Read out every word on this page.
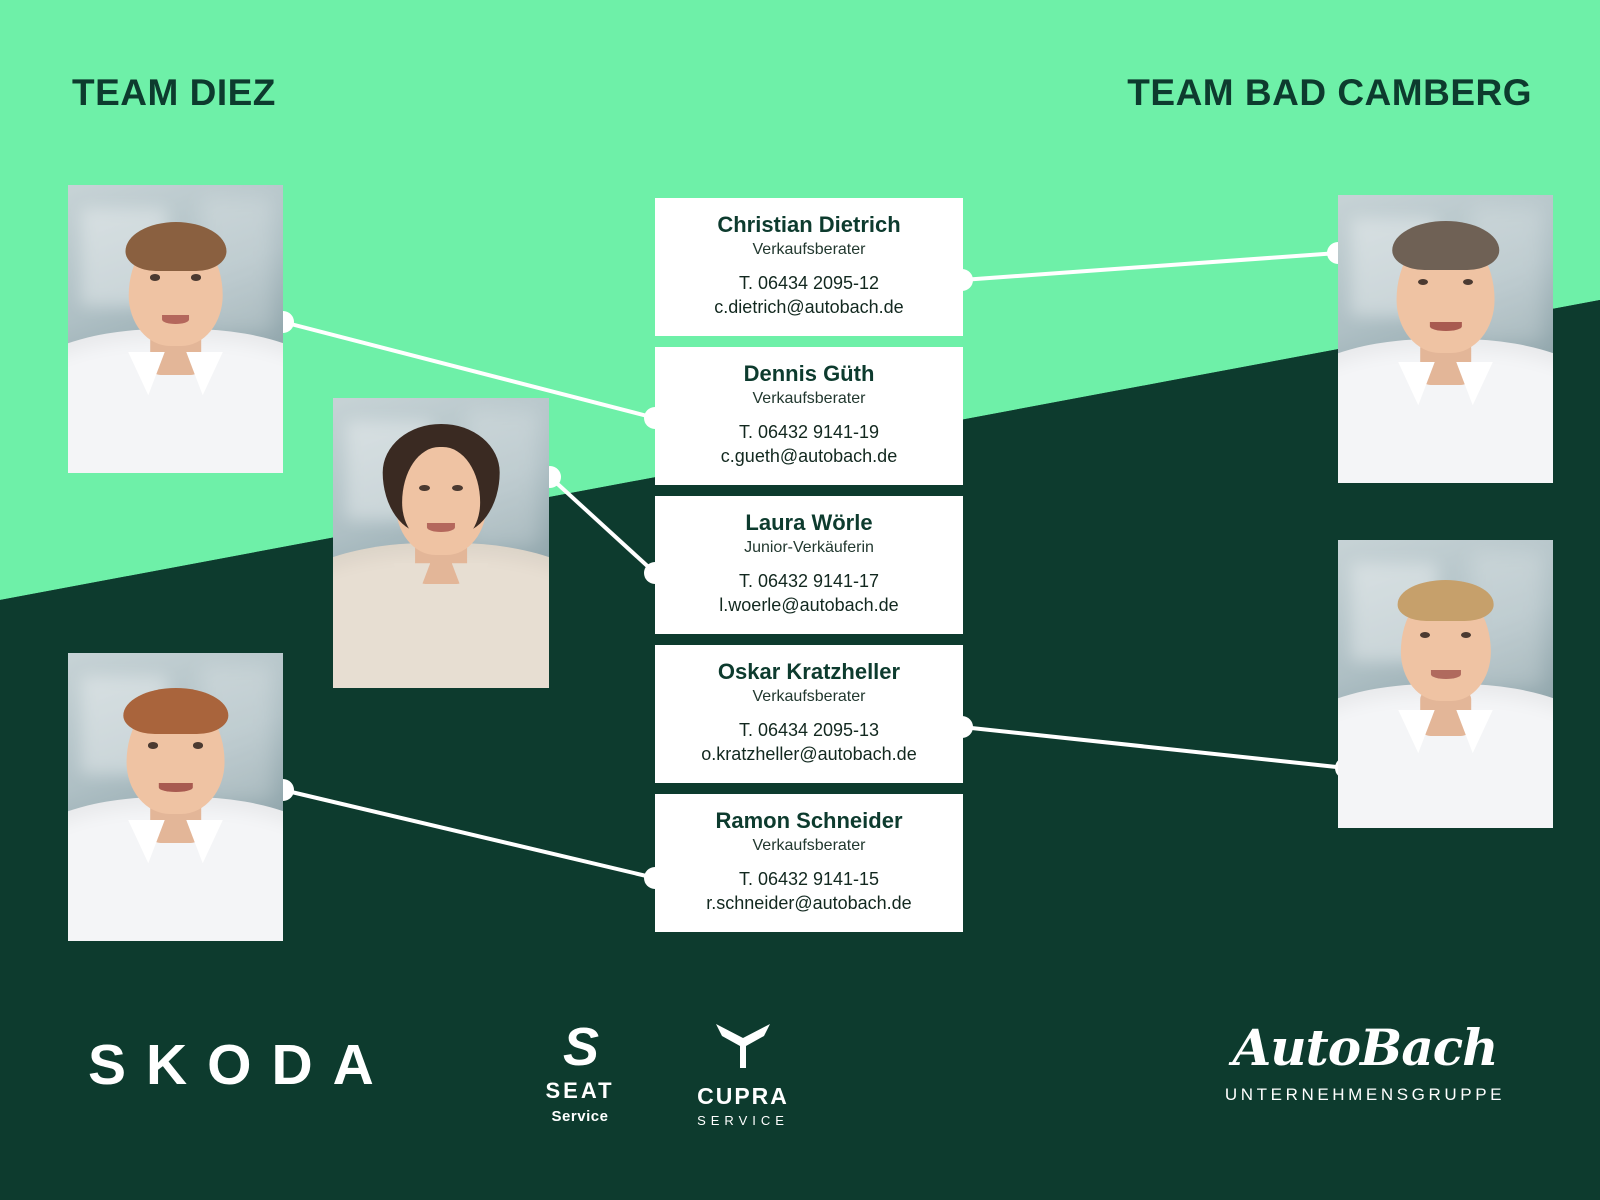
TEAM DIEZ	TEAM BAD CAMBERG
Christian Dietrich
Verkaufsberater
T. 06434 2095-12
c.dietrich@autobach.de
Dennis Güth
Verkaufsberater
T. 06432 9141-19
c.gueth@autobach.de
Laura Wörle
Junior-Verkäuferin
T. 06432 9141-17
l.woerle@autobach.de
Oskar Kratzheller
Verkaufsberater
T. 06434 2095-13
o.kratzheller@autobach.de
Ramon Schneider
Verkaufsberater
T. 06432 9141-15
r.schneider@autobach.de
SKODA	S
SEAT
Service
CUPRA
SERVICE
AutoBach
UNTERNEHMENSGRUPPE
